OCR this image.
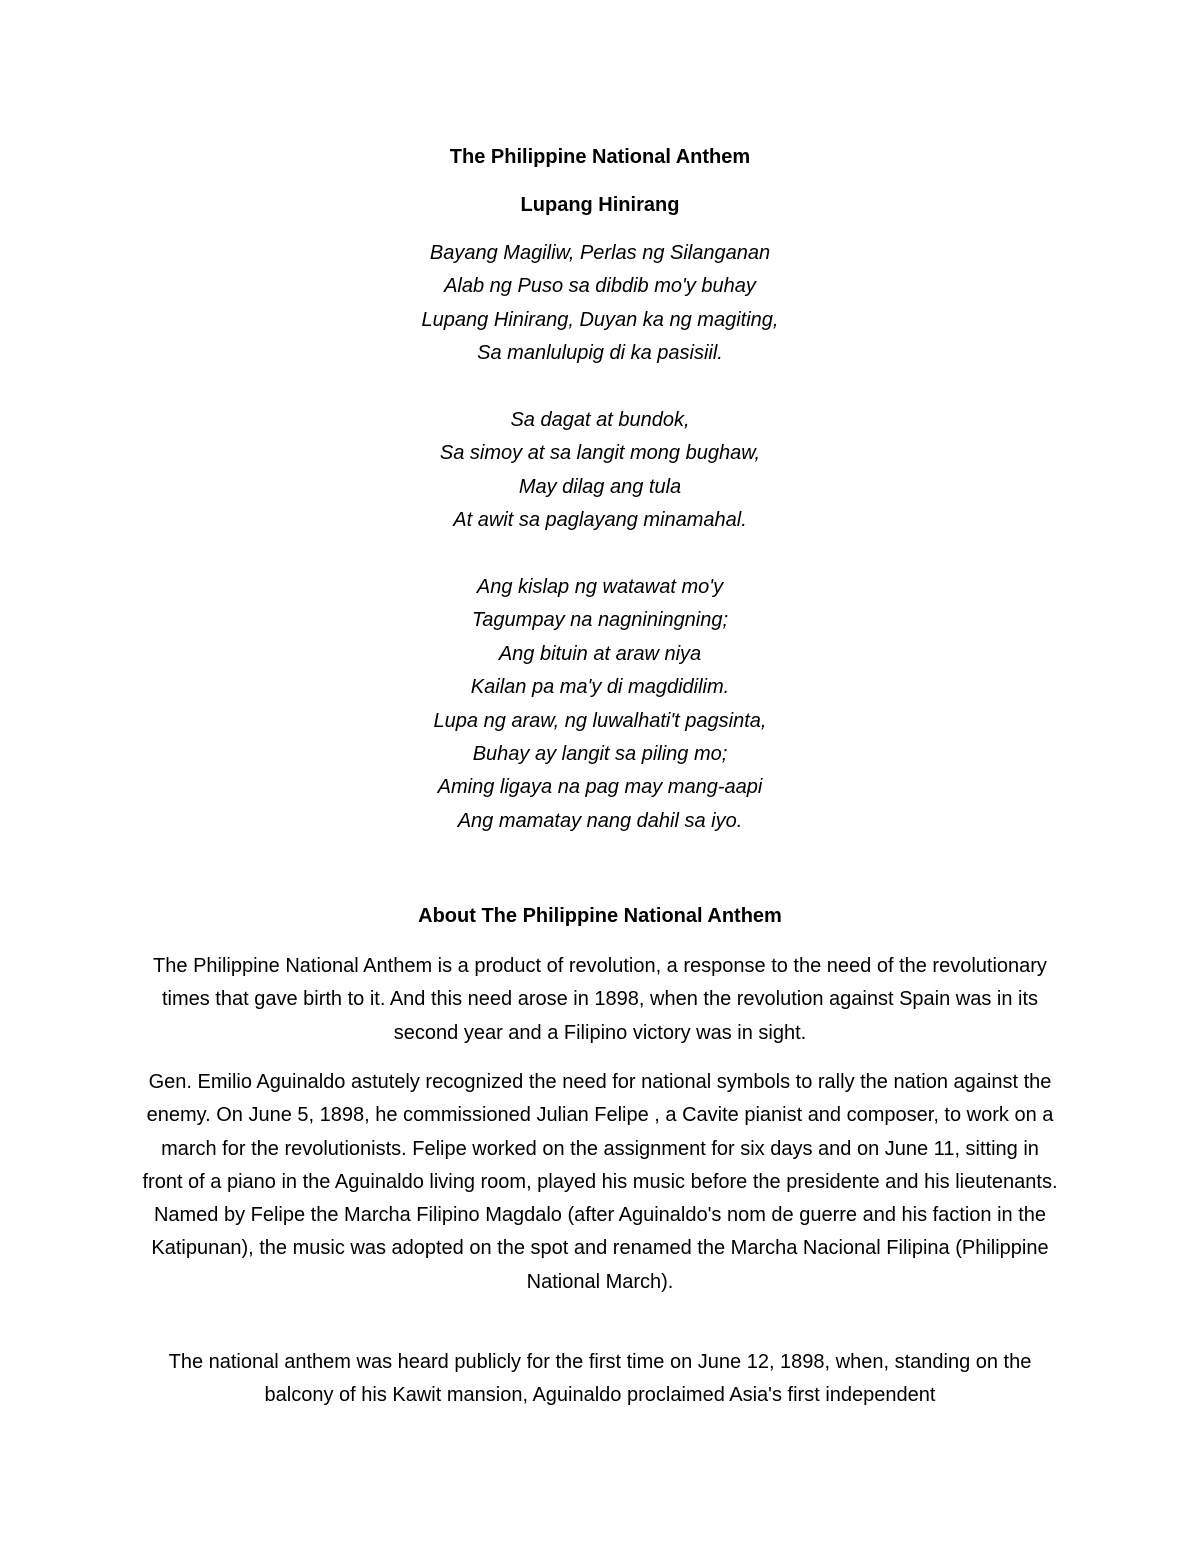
The Philippine National Anthem
Lupang Hinirang
Bayang Magiliw, Perlas ng Silanganan
Alab ng Puso sa dibdib mo'y buhay
Lupang Hinirang, Duyan ka ng magiting,
Sa manlulupig di ka pasisiil.
Sa dagat at bundok,
Sa simoy at sa langit mong bughaw,
May dilag ang tula
At awit sa paglayang minamahal.
Ang kislap ng watawat mo'y
Tagumpay na nagniningning;
Ang bituin at araw niya
Kailan pa ma'y di magdidilim.
Lupa ng araw, ng luwalhati't pagsinta,
Buhay ay langit sa piling mo;
Aming ligaya na pag may mang-aapi
Ang mamatay nang dahil sa iyo.
About The Philippine National Anthem

The Philippine National Anthem is a product of revolution, a response to the need of the revolutionary times that gave birth to it. And this need arose in 1898, when the revolution against Spain was in its second year and a Filipino victory was in sight.

Gen. Emilio Aguinaldo astutely recognized the need for national symbols to rally the nation against the enemy. On June 5, 1898, he commissioned Julian Felipe , a Cavite pianist and composer, to work on a march for the revolutionists. Felipe worked on the assignment for six days and on June 11, sitting in front of a piano in the Aguinaldo living room, played his music before the presidente and his lieutenants. Named by Felipe the Marcha Filipino Magdalo (after Aguinaldo's nom de guerre and his faction in the Katipunan), the music was adopted on the spot and renamed the Marcha Nacional Filipina (Philippine National March).

The national anthem was heard publicly for the first time on June 12, 1898, when, standing on the balcony of his Kawit mansion, Aguinaldo proclaimed Asia's first independent
